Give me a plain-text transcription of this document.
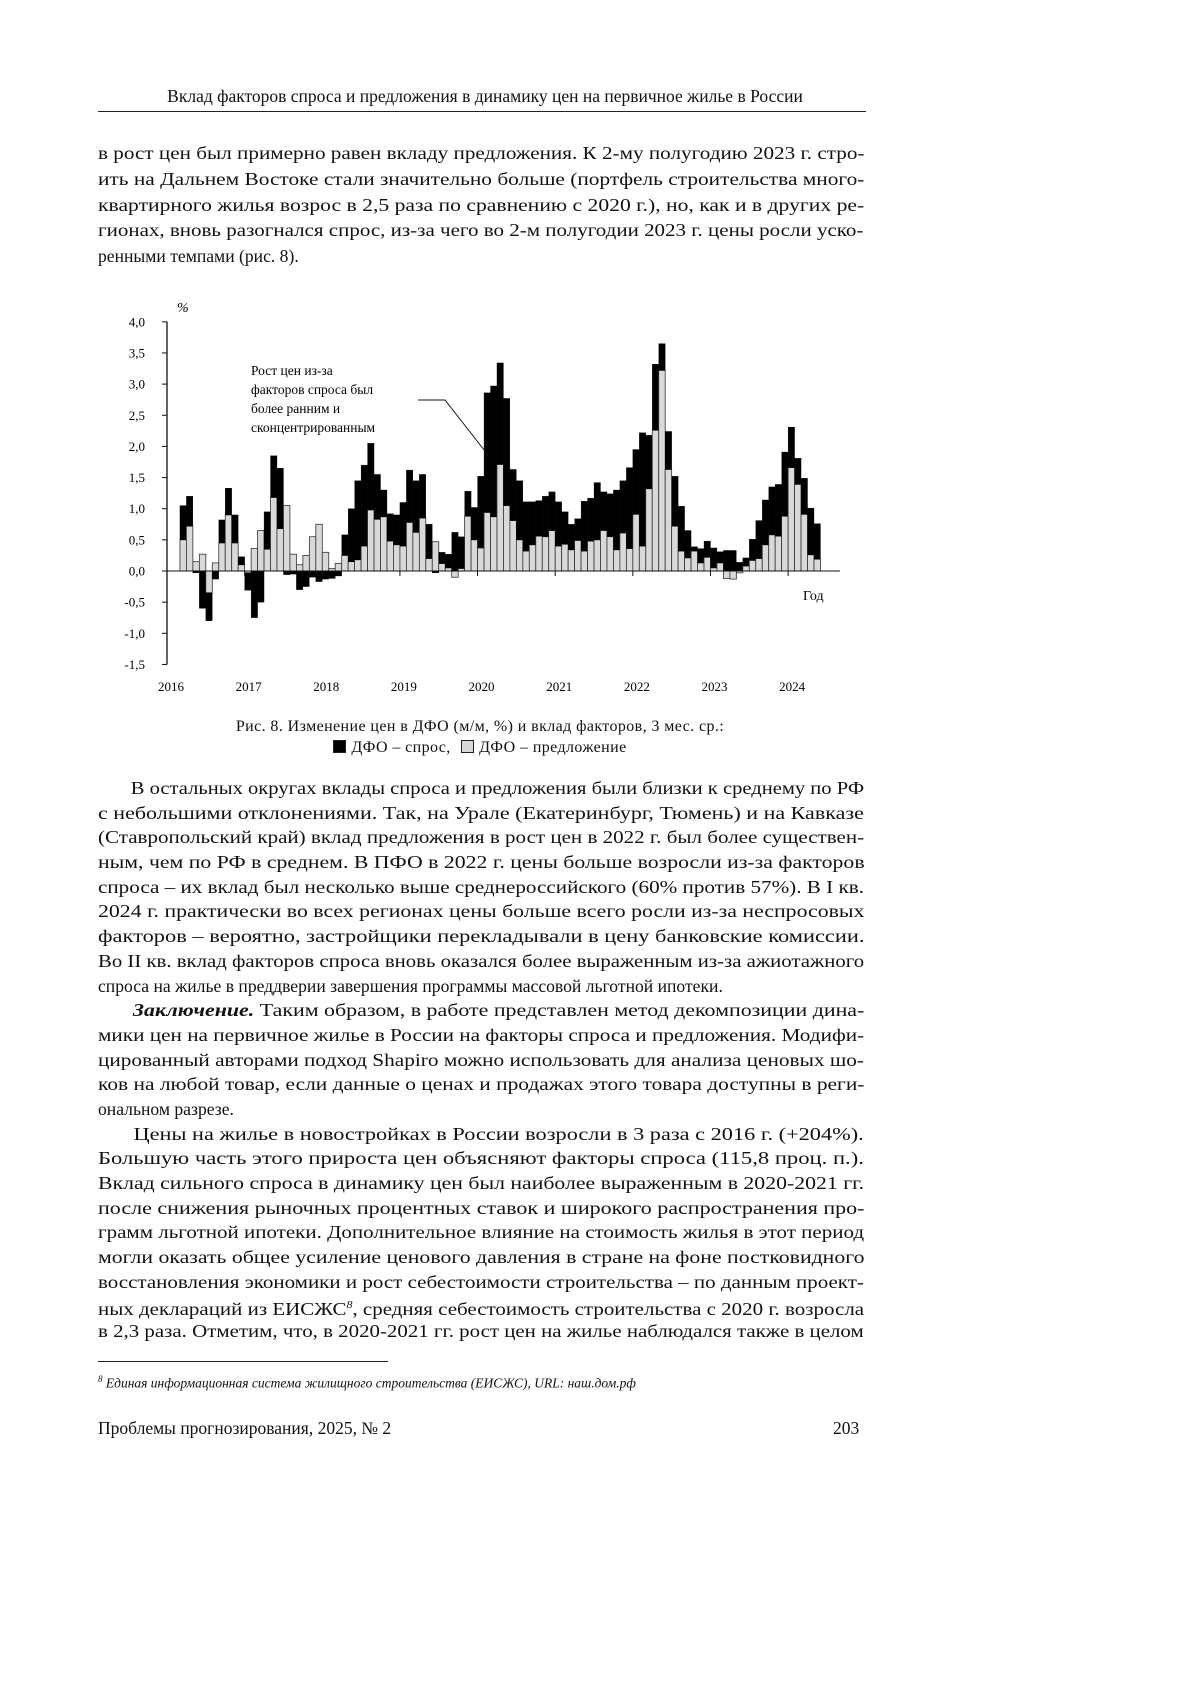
Вклад факторов спроса и предложения в динамику цен на первичное жилье в России
в рост цен был примерно равен вкладу предложения. К 2-му полугодию 2023 г. стро-
ить на Дальнем Востоке стали значительно больше (портфель строительства много-
квартирного жилья возрос в 2,5 раза по сравнению с 2020 г.), но, как и в других ре-
гионах, вновь разогнался спрос, из-за чего во 2-м полугодии 2023 г. цены росли уско-
ренными темпами (рис. 8).
4,0
3,5
3,0
2,5
2,0
1,5
1,0
0,5
0,0
-0,5
-1,0
-1,5
2016	2017	2018	2019	2020	2021	2022	2023	2024
%
Год
Рост цен из-за
факторов спроса был
более ранним и
сконцентрированным
Рис. 8. Изменение цен в ДФО (м/м, %) и вклад факторов, 3 мес. ср.:
ДФО – спрос, ДФО – предложение
В остальных округах вклады спроса и предложения были близки к среднему по РФ
с небольшими отклонениями. Так, на Урале (Екатеринбург, Тюмень) и на Кавказе
(Ставропольский край) вклад предложения в рост цен в 2022 г. был более существен-
ным, чем по РФ в среднем. В ПФО в 2022 г. цены больше возросли из-за факторов
спроса – их вклад был несколько выше среднероссийского (60% против 57%). В I кв.
2024 г. практически во всех регионах цены больше всего росли из-за неспросовых
факторов – вероятно, застройщики перекладывали в цену банковские комиссии.
Во II кв. вклад факторов спроса вновь оказался более выраженным из-за ажиотажного
спроса на жилье в преддверии завершения программы массовой льготной ипотеки.
Заключение. Таким образом, в работе представлен метод декомпозиции дина-
мики цен на первичное жилье в России на факторы спроса и предложения. Модифи-
цированный авторами подход Shapiro можно использовать для анализа ценовых шо-
ков на любой товар, если данные о ценах и продажах этого товара доступны в реги-
ональном разрезе.
Цены на жилье в новостройках в России возросли в 3 раза с 2016 г. (+204%).
Большую часть этого прироста цен объясняют факторы спроса (115,8 проц. п.).
Вклад сильного спроса в динамику цен был наиболее выраженным в 2020-2021 гг.
после снижения рыночных процентных ставок и широкого распространения про-
грамм льготной ипотеки. Дополнительное влияние на стоимость жилья в этот период
могли оказать общее усиление ценового давления в стране на фоне постковидного
восстановления экономики и рост себестоимости строительства – по данным проект-
ных деклараций из ЕИСЖС8, средняя себестоимость строительства с 2020 г. возросла
в 2,3 раза. Отметим, что, в 2020-2021 гг. рост цен на жилье наблюдался также в целом
8 Единая информационная система жилищного строительства (ЕИСЖС), URL: наш.дом.рф
Проблемы прогнозирования, 2025, № 2	203
